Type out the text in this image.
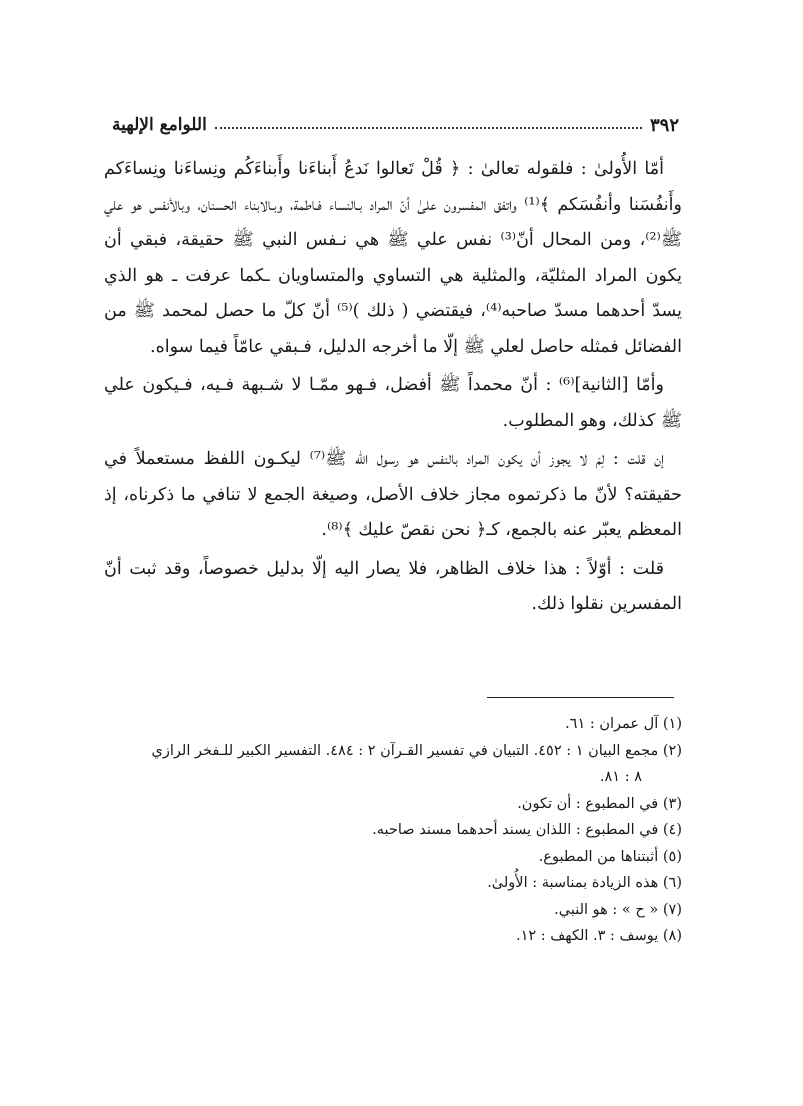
٣٩٢
اللوامع الإلهية

أمّا الأُولىٰ : فلقوله تعالىٰ : ﴿ قُلْ تَعالوا نَدعُ أَبناءَنا وأَبناءَكُم ونِساءَنا ونِساءَكم وأَنفُسَنا وأنفُسَكم ﴾⁽¹⁾ واتفق المفسرون علىٰ أنّ المراد بـالنساء فـاطمة، وبـالابناء الحسنان، وبالأنفس هو علي ﷺ⁽²⁾، ومن المحال أنّ⁽³⁾ نفس علي ﷺ هي نـفس النبي ﷺ حقيقة، فبقي أن يكون المراد المثليّة، والمثلية هي التساوي والمتساويان ـكما عرفت ـ هو الذي يسدّ أحدهما مسدّ صاحبه⁽⁴⁾، فيقتضي ( ذلك )⁽⁵⁾ أنّ كلّ ما حصل لمحمد ﷺ من الفضائل فمثله حاصل لعلي ﷺ إلّا ما أخرجه الدليل، فـبقي عامّاً فيما سواه.

وأمّا [الثانية]⁽⁶⁾ : أنّ محمداً ﷺ أفضل، فـهو ممّـا لا شـبهة فـيه، فـيكون علي ﷺ كذلك، وهو المطلوب.

إن قلت : لِمَ لا يجوز أن يكون المراد بالنفس هو رسول الله ﷺ⁽⁷⁾ ليكـون اللفظ مستعملاً في حقيقته؟ لأنّ ما ذكرتموه مجاز خلاف الأصل، وصيغة الجمع لا تنافي ما ذكرناه، إذ المعظم يعبّر عنه بالجمع، كـ﴿ نحن نقصّ عليك ﴾⁽⁸⁾.

قلت : أوّلاً : هذا خلاف الظاهر، فلا يصار اليه إلّا بدليل خصوصاً، وقد ثبت أنّ المفسرين نقلوا ذلك.

(١) آل عمران : ٦١.
(٢) مجمع البيان ١ : ٤٥٢. التبيان في تفسير القـرآن ٢ : ٤٨٤. التفسير الكبير للـفخر الرازي
٨ : ٨١.
(٣) في المطبوع : أن تكون.
(٤) في المطبوع : اللذان يسند أحدهما مسند صاحبه.
(٥) أثبتناها من المطبوع.
(٦) هذه الزيادة بمناسبة : الأُولىٰ.
(٧) « ح » : هو النبي.
(٨) يوسف : ٣. الكهف : ١٢.
